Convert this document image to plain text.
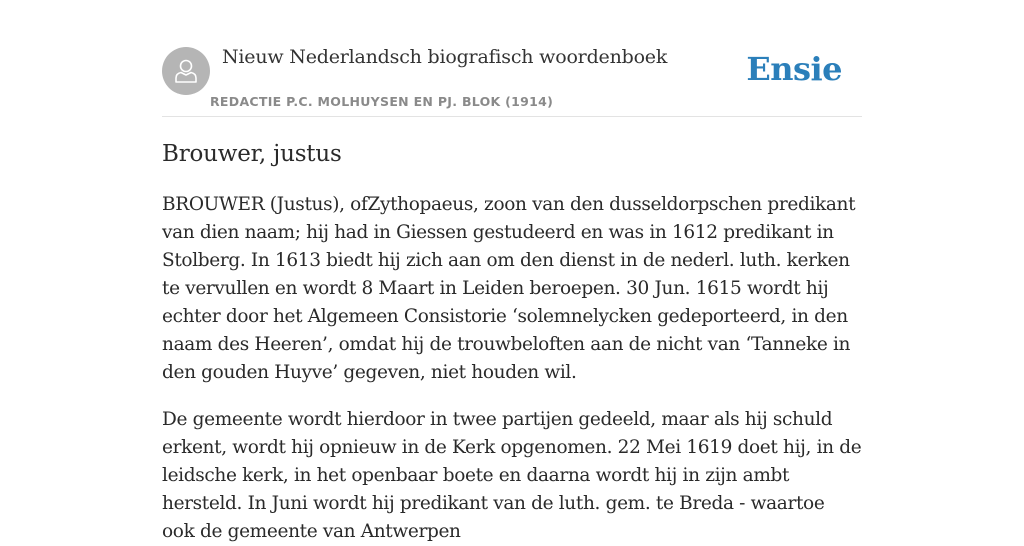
Nieuw Nederlandsch biografisch woordenboek
REDACTIE P.C. MOLHUYSEN EN PJ. BLOK (1914)
Ensie
Brouwer, justus

BROUWER (Justus), ofZythopaeus, zoon van den dusseldorpschen predikant van dien naam; hij had in Giessen gestudeerd en was in 1612 predikant in Stolberg. In 1613 biedt hij zich aan om den dienst in de nederl. luth. kerken te vervullen en wordt 8 Maart in Leiden beroepen. 30 Jun. 1615 wordt hij echter door het Algemeen Consistorie ‘solemnelycken gedeporteerd, in den naam des Heeren’, omdat hij de trouwbeloften aan de nicht van ‘Tanneke in den gouden Huyve’ gegeven, niet houden wil.

De gemeente wordt hierdoor in twee partijen gedeeld, maar als hij schuld erkent, wordt hij opnieuw in de Kerk opgenomen. 22 Mei 1619 doet hij, in de leidsche kerk, in het openbaar boete en daarna wordt hij in zijn ambt hersteld. In Juni wordt hij predikant van de luth. gem. te Breda - waartoe ook de gemeente van Antwerpen
